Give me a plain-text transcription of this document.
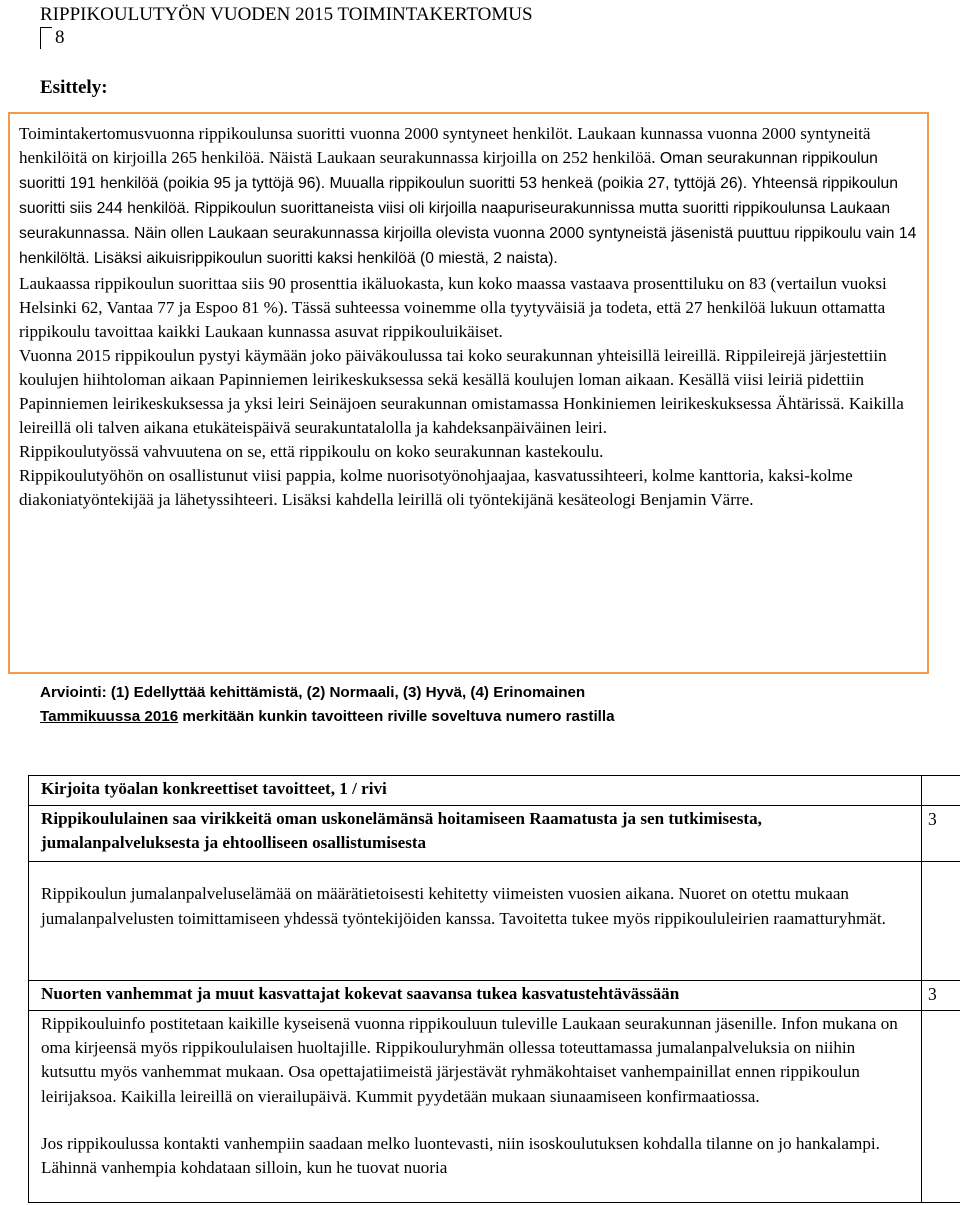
RIPPIKOULUTYÖN VUODEN 2015 TOIMINTAKERTOMUS
8
Esittely:

Toimintakertomusvuonna rippikoulunsa suoritti vuonna 2000 syntyneet henkilöt. Laukaan kunnassa vuonna 2000 syntyneitä henkilöitä on kirjoilla 265 henkilöä. Näistä Laukaan seurakunnassa kirjoilla on 252 henkilöä. Oman seurakunnan rippikoulun suoritti 191 henkilöä (poikia 95 ja tyttöjä 96). Muualla rippikoulun suoritti 53 henkeä (poikia 27, tyttöjä 26). Yhteensä rippikoulun suoritti siis 244 henkilöä. Rippikoulun suorittaneista viisi oli kirjoilla naapuriseurakunnissa mutta suoritti rippikoulunsa Laukaan seurakunnassa. Näin ollen Laukaan seurakunnassa kirjoilla olevista vuonna 2000 syntyneistä jäsenistä puuttuu rippikoulu vain 14 henkilöltä. Lisäksi aikuisrippikoulun suoritti kaksi henkilöä (0 miestä, 2 naista).

Laukaassa rippikoulun suorittaa siis 90 prosenttia ikäluokasta, kun koko maassa vastaava prosenttiluku on 83 (vertailun vuoksi Helsinki 62, Vantaa 77 ja Espoo 81 %). Tässä suhteessa voinemme olla tyytyväisiä ja todeta, että 27 henkilöä lukuun ottamatta rippikoulu tavoittaa kaikki Laukaan kunnassa asuvat rippikouluikäiset.

Vuonna 2015 rippikoulun pystyi käymään joko päiväkoulussa tai koko seurakunnan yhteisillä leireillä. Rippileirejä järjestettiin koulujen hiihtoloman aikaan Papinniemen leirikeskuksessa sekä kesällä koulujen loman aikaan. Kesällä viisi leiriä pidettiin Papinniemen leirikeskuksessa ja yksi leiri Seinäjoen seurakunnan omistamassa Honkiniemen leirikeskuksessa Ähtärissä. Kaikilla leireillä oli talven aikana etukäteispäivä seurakuntatalolla ja kahdeksanpäiväinen leiri.

Rippikoulutyössä vahvuutena on se, että rippikoulu on koko seurakunnan kastekoulu.

Rippikoulutyöhön on osallistunut viisi pappia, kolme nuorisotyönohjaajaa, kasvatussihteeri, kolme kanttoria, kaksi-kolme diakoniatyöntekijää ja lähetyssihteeri. Lisäksi kahdella leirillä oli työntekijänä kesäteologi Benjamin Värre.

Arviointi: (1) Edellyttää kehittämistä, (2) Normaali, (3) Hyvä, (4) Erinomainen
Tammikuussa 2016 merkitään kunkin tavoitteen riville soveltuva numero rastilla
Kirjoita työalan konkreettiset tavoitteet, 1 / rivi	

Rippikoululainen saa virikkeitä oman uskonelämänsä hoitamiseen Raamatusta ja sen tutkimisesta, jumalanpalveluksesta ja ehtoolliseen osallistumisesta	3

Rippikoulun jumalanpalveluselämää on määrätietoisesti kehitetty viimeisten vuosien aikana. Nuoret on otettu mukaan jumalanpalvelusten toimittamiseen yhdessä työntekijöiden kanssa. Tavoitetta tukee myös rippikoululeirien raamatturyhmät.	

Nuorten vanhemmat ja muut kasvattajat kokevat saavansa tukea kasvatustehtävässään	3

Rippikouluinfo postitetaan kaikille kyseisenä vuonna rippikouluun tuleville Laukaan seurakunnan jäsenille. Infon mukana on oma kirjeensä myös rippikoululaisen huoltajille. Rippikouluryhmän ollessa toteuttamassa jumalanpalveluksia on niihin kutsuttu myös vanhemmat mukaan. Osa opettajatiimeistä järjestävät ryhmäkohtaiset vanhempainillat ennen rippikoulun leirijaksoa. Kaikilla leireillä on vierailupäivä. Kummit pyydetään mukaan siunaamiseen konfirmaatiossa.
Jos rippikoulussa kontakti vanhempiin saadaan melko luontevasti, niin isoskoulutuksen kohdalla tilanne on jo hankalampi. Lähinnä vanhempia kohdataan silloin, kun he tuovat nuoria	
